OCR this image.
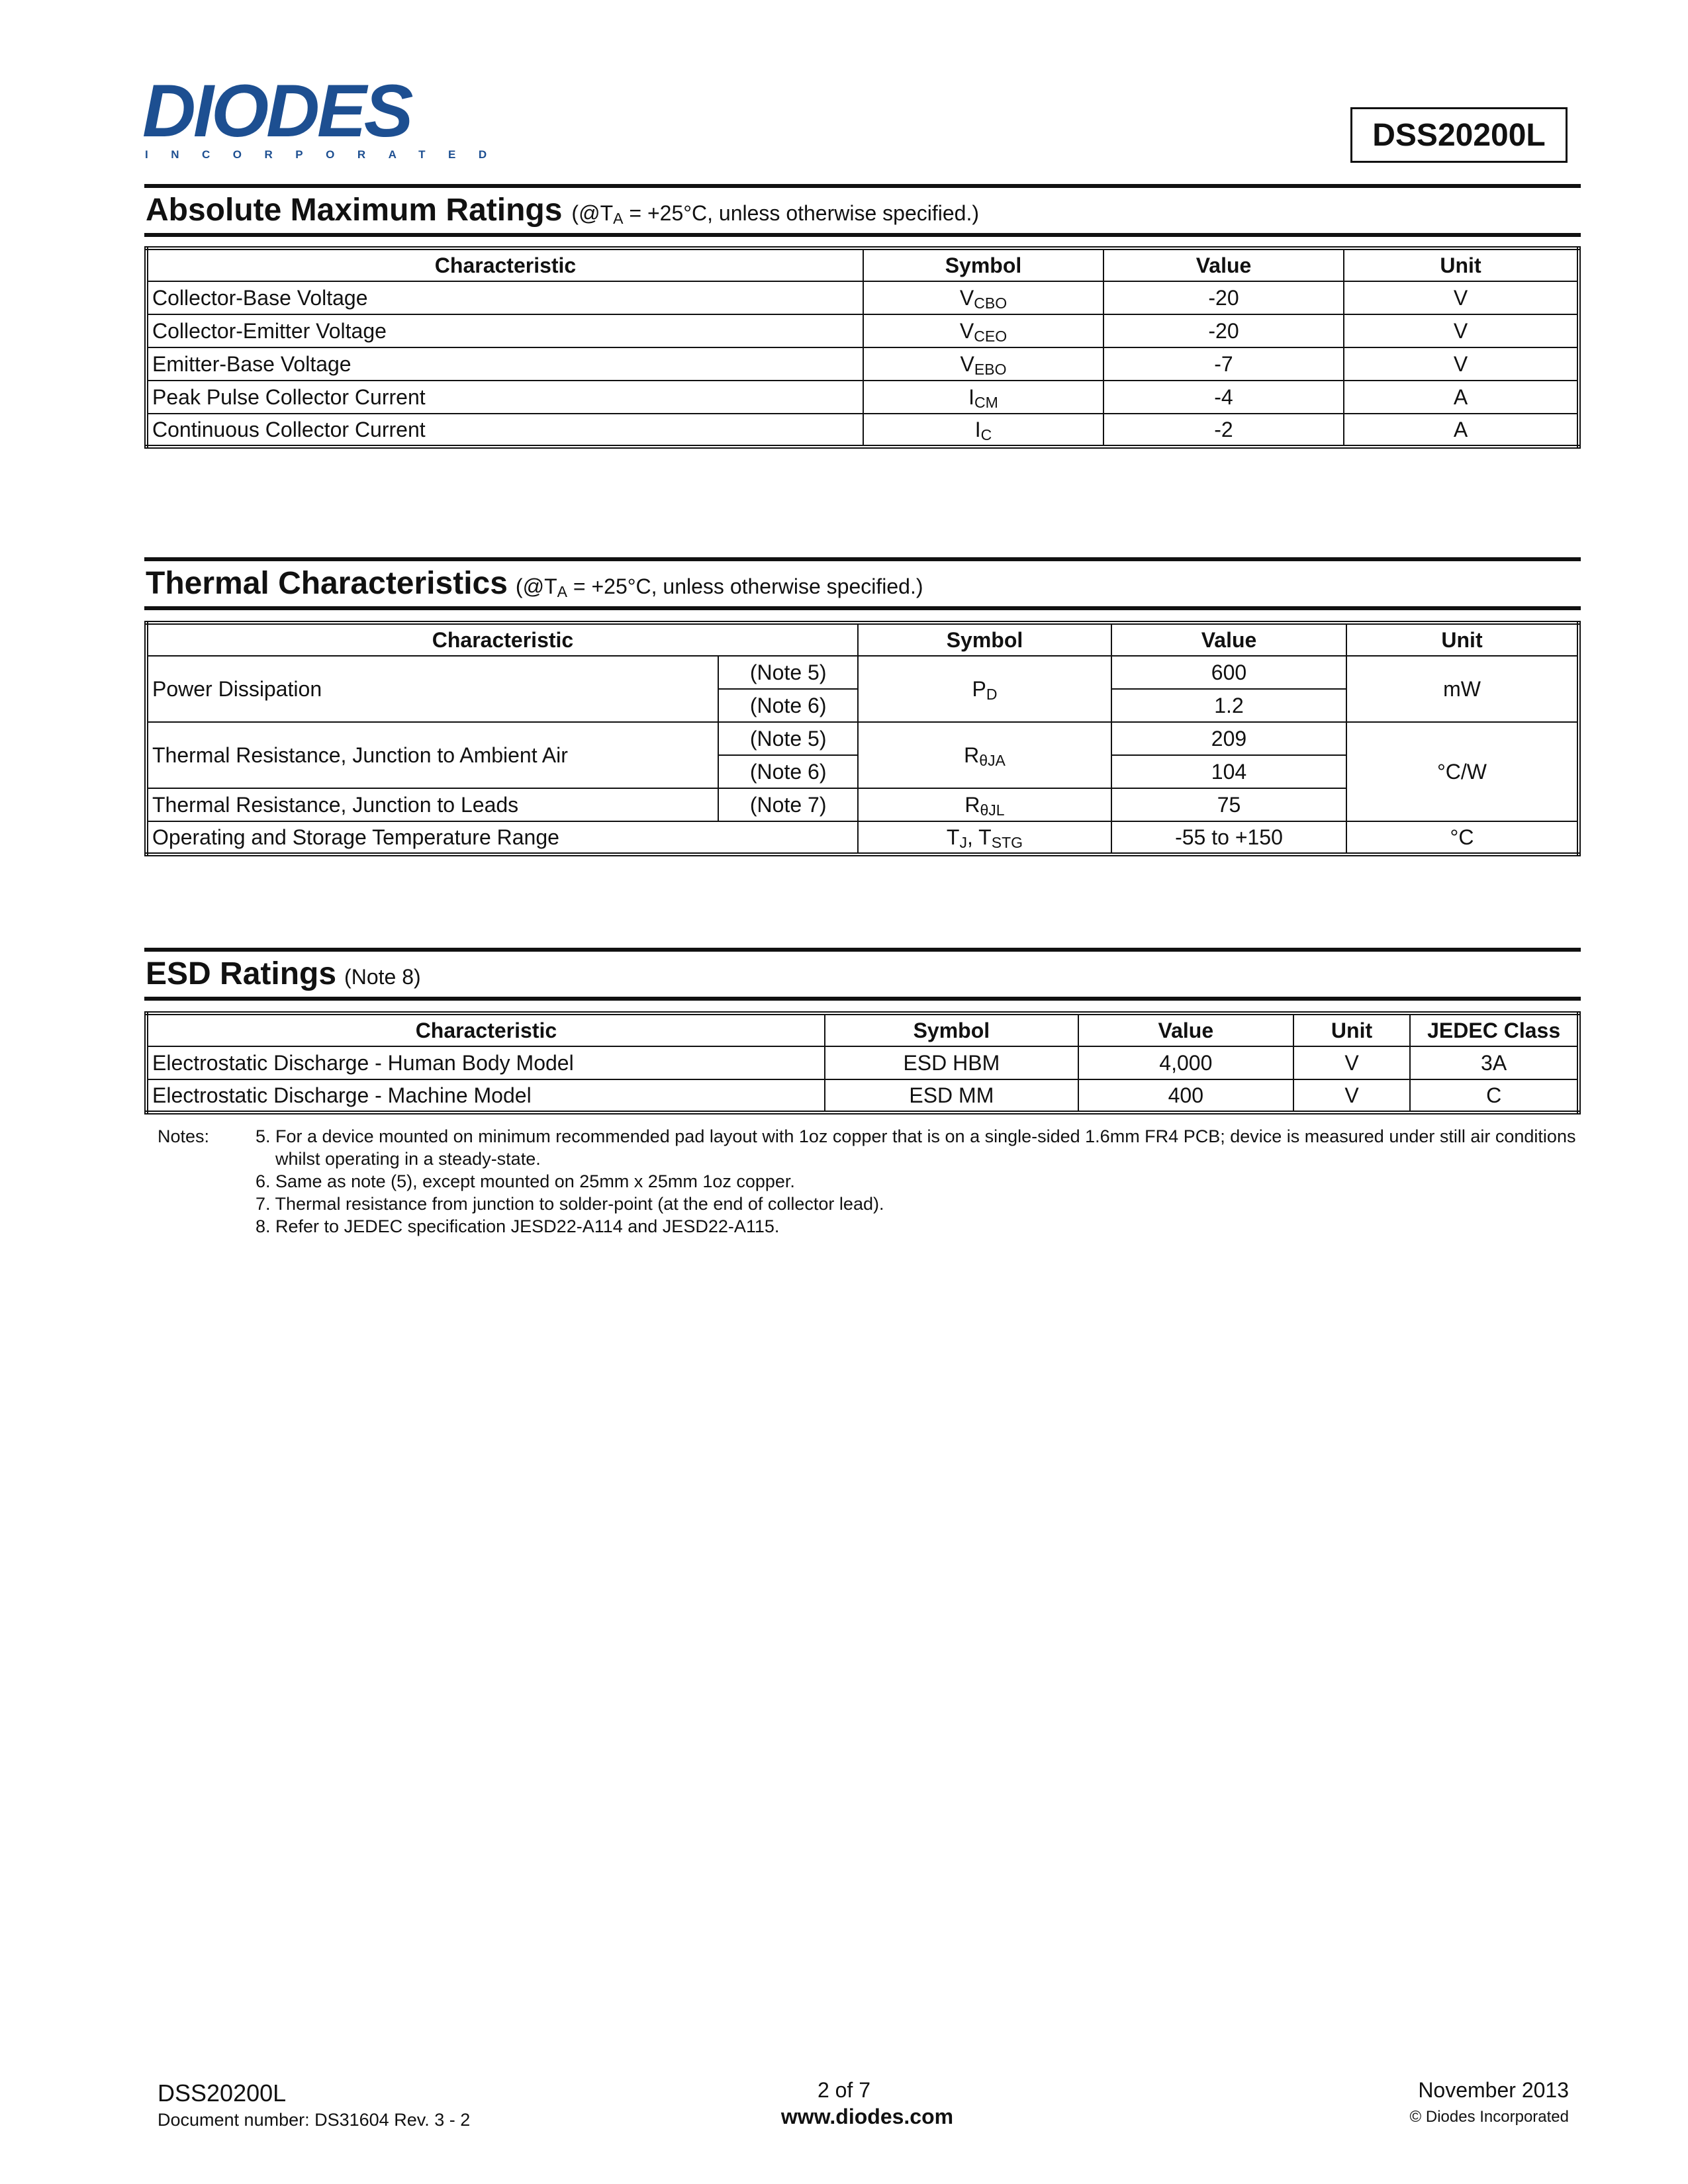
DIODES
INCORPORATED
DSS20200L
Absolute Maximum Ratings ($@T_A = +25^\circ C$, unless otherwise specified.)
Characteristic	Symbol	Value	Unit
Collector-Base Voltage	$V_{CBO}$	-20	V
Collector-Emitter Voltage	$V_{CEO}$	-20	V
Emitter-Base Voltage	$V_{EBO}$	-7	V
Peak Pulse Collector Current	$I_{CM}$	-4	A
Continuous Collector Current	$I_C$	-2	A
Thermal Characteristics ($@T_A = +25^\circ C$, unless otherwise specified.)
Characteristic		Symbol	Value	Unit
Power Dissipation	(Note 5)	$P_D$	600	mW
	(Note 6)		1.2	
Thermal Resistance, Junction to Ambient Air	(Note 5)	$R_{\theta JA}$	209	°C/W
	(Note 6)		104	
Thermal Resistance, Junction to Leads	(Note 7)	$R_{\theta JL}$	75	
Operating and Storage Temperature Range		$T_J$, $T_{STG}$	-55 to +150	°C
ESD Ratings (Note 8)
Characteristic	Symbol	Value	Unit	JEDEC Class
Electrostatic Discharge - Human Body Model	ESD HBM	4,000	V	3A
Electrostatic Discharge - Machine Model	ESD MM	400	V	C
Notes:	5. For a device mounted on minimum recommended pad layout with 1oz copper that is on a single-sided 1.6mm FR4 PCB; device is measured under still air conditions whilst operating in a steady-state.
6. Same as note (5), except mounted on 25mm x 25mm 1oz copper.
7. Thermal resistance from junction to solder-point (at the end of collector lead).
8. Refer to JEDEC specification JESD22-A114 and JESD22-A115.
DSS20200L
Document number: DS31604 Rev. 3 - 2
2 of 7
www.diodes.com
November 2013
© Diodes Incorporated
